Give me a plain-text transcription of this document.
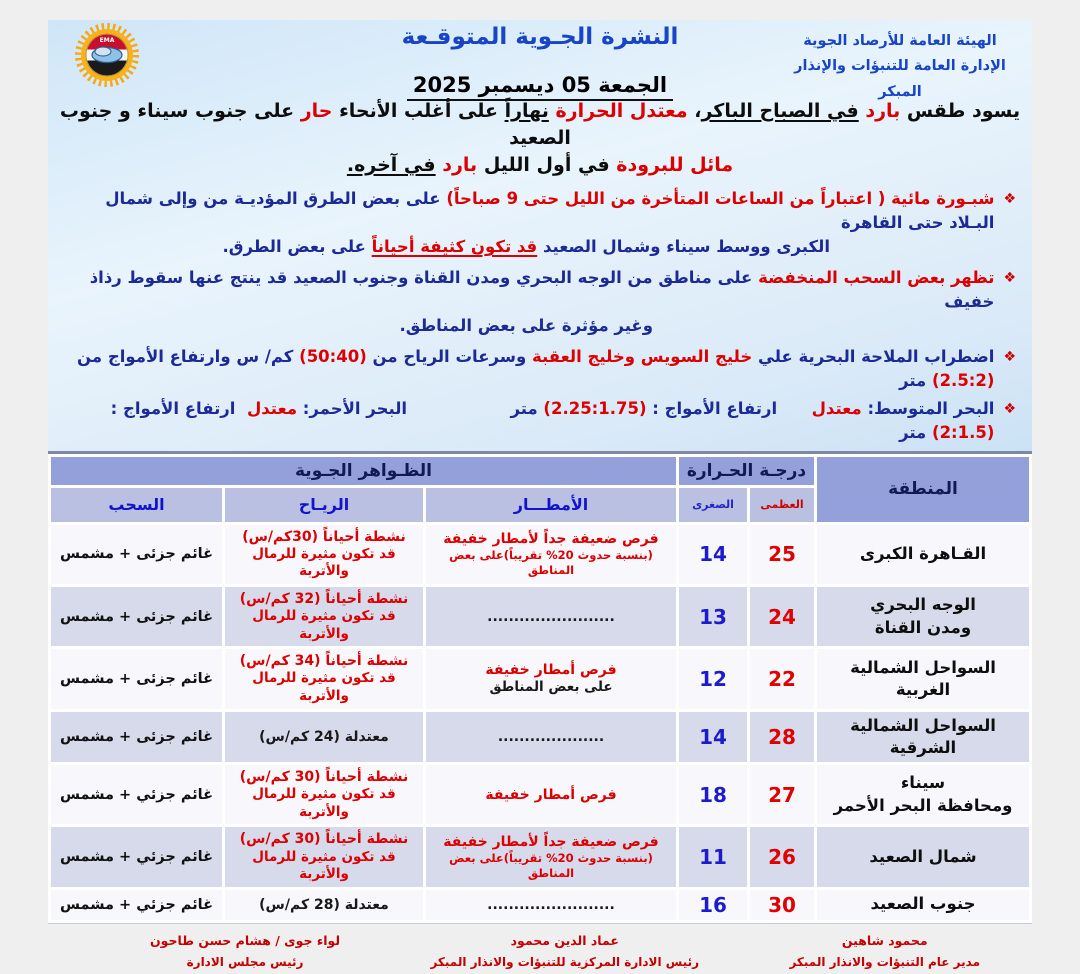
EMA	النشرة الجـوية المتوقـعة

الجمعة 05 ديسمبر 2025
الهيئة العامة للأرصاد الجوية
الإدارة العامة للتنبؤات والإنذار المبكر
يسود طقس بارد في الصباح الباكر، معتدل الحرارة نهاراً على أغلب الأنحاء حار على جنوب سيناء و جنوب الصعيد
مائل للبرودة في أول الليل بارد في آخره.
❖
شبـورة مائية ( اعتباراً من الساعات المتأخرة من الليل حتى 9 صباحاً) على بعض الطرق المؤديـة من وإلى شمال البـلاد حتى القاهرة
الكبرى ووسط سيناء وشمال الصعيد قد تكون كثيفة أحياناً على بعض الطرق.
❖
تظهر بعض السحب المنخفضة على مناطق من الوجه البحري ومدن القناة وجنوب الصعيد قد ينتج عنها سقوط رذاذ خفيف
وغير مؤثرة على بعض المناطق.
❖
اضطراب الملاحة البحرية علي خليج السويس وخليج العقبة وسرعات الرياح من (50:40) كم/ س وارتفاع الأمواج من (2.5:2) متر
❖
البحر المتوسط: معتدل      ارتفاع الأمواج : (2.25:1.75) متر                  البحر الأحمر: معتدل  ارتفاع الأمواج : (2:1.5) متر
المنطقة	درجـة الحـرارة		الظـواهر الجـوية		
	العظمى	الصغرى	الأمطـــار	الريـاح	السحب

القـاهرة الكبرى
	25	14	
فرص ضعيفة جداً لأمطار خفيفة
(بنسبة حدوث 20% تقريباً)على بعض المناطق

نشطة أحياناً (30كم/س)
قد تكون مثيرة للرمال والأتربة
	غائم جزئى + مشمس

الوجه البحري
ومدن القناة
	24	13	
........................

نشطة أحياناً (32 كم/س)
قد تكون مثيرة للرمال والأتربة
	غائم جزئى + مشمس

السواحل الشمالية الغربية
	22	12	
فرص أمطار خفيفة
على بعض المناطق

نشطة أحياناً (34 كم/س)
قد تكون مثيرة للرمال والأتربة
	غائم جزئى + مشمس

السواحل الشمالية الشرقية	28	14	....................	معتدلة (24 كم/س)	غائم جزئى + مشمس

سيناء
ومحافظة البحر الأحمر
	27	18	
فرص أمطار خفيفة

نشطة أحياناً (30 كم/س)
قد تكون مثيرة للرمال والأتربة
	غائم جزئي + مشمس

شمال الصعيد
	26	11	
فرص ضعيفة جداً لأمطار خفيفة
(بنسبة حدوث 20% تقريباً)على بعض المناطق

نشطة أحياناً (30 كم/س)
قد تكون مثيرة للرمال والأتربة
	غائم جزئي + مشمس

جنوب الصعيد	30	16	........................	معتدلة (28 كم/س)	غائم جزئي + مشمس
محمود شاهين
مدير عام التنبؤات والانذار المبكر
عماد الدين محمود
رئيس الادارة المركزية للتنبؤات والانذار المبكر
لواء جوى / هشام حسن طاحون
رئيس مجلس الادارة
